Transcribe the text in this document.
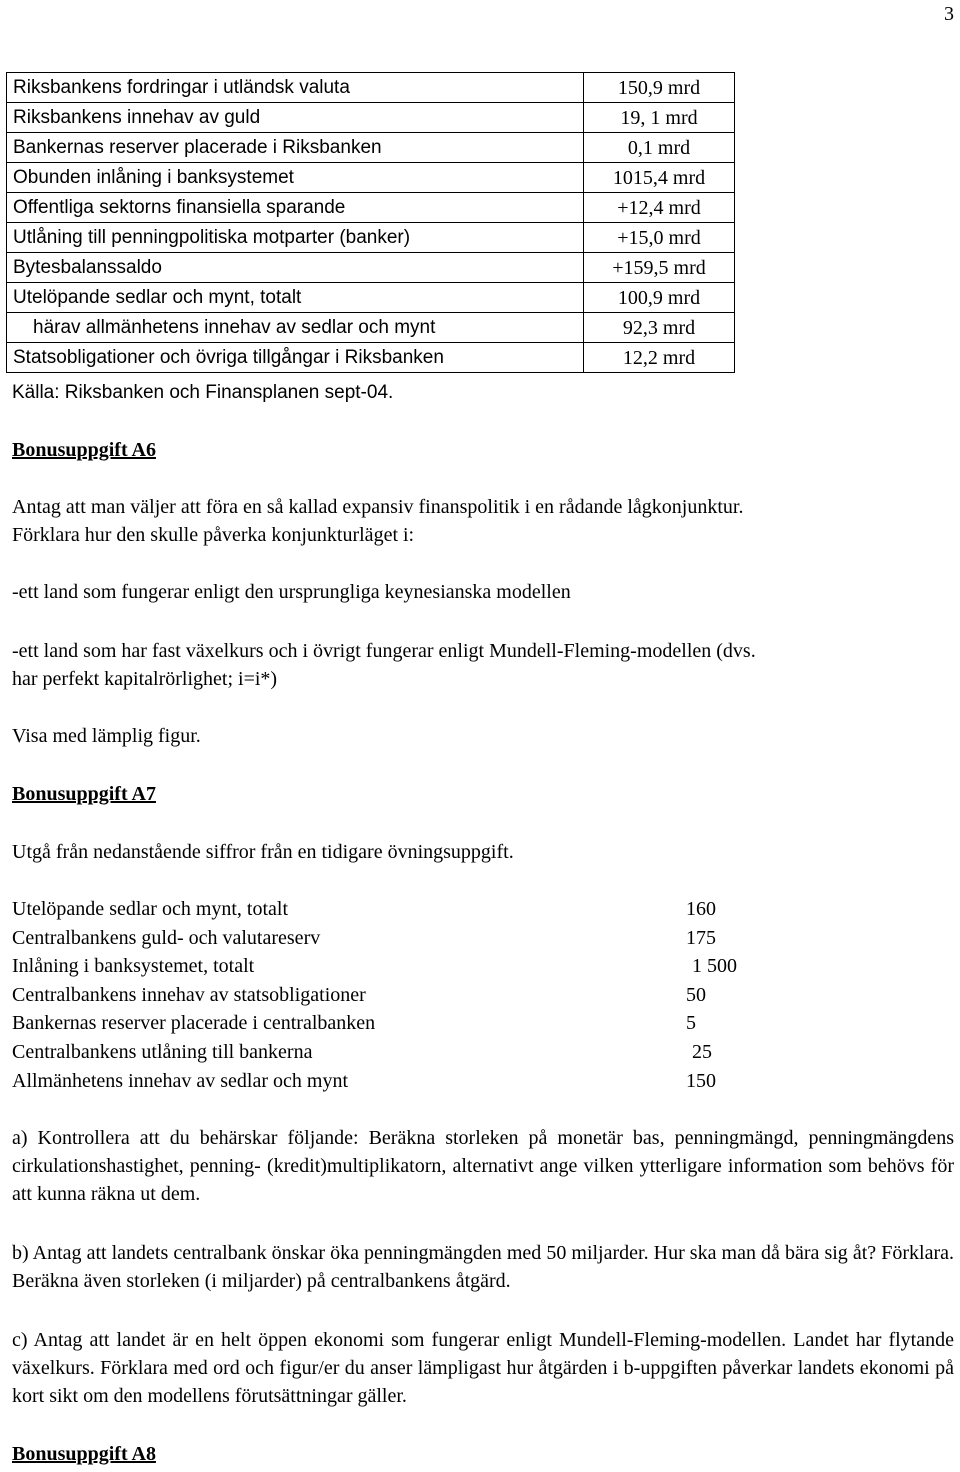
3
Riksbankens fordringar i utländsk valuta	150,9 mrd
Riksbankens innehav av guld	19, 1 mrd
Bankernas reserver placerade i Riksbanken	0,1 mrd
Obunden inlåning i banksystemet	1015,4 mrd
Offentliga sektorns finansiella sparande	+12,4 mrd
Utlåning till penningpolitiska motparter (banker)	+15,0 mrd
Bytesbalanssaldo	+159,5 mrd
Utelöpande sedlar och mynt, totalt	100,9 mrd
härav allmänhetens innehav av sedlar och mynt	92,3 mrd
Statsobligationer och övriga tillgångar i Riksbanken	12,2 mrd
Källa: Riksbanken och Finansplanen sept-04.
Bonusuppgift A6

Antag att man väljer att föra en så kallad expansiv finanspolitik i en rådande lågkonjunktur.
Förklara hur den skulle påverka konjunkturläget i:

-ett land som fungerar enligt den ursprungliga keynesianska modellen

-ett land som har fast växelkurs och i övrigt fungerar enligt Mundell-Fleming-modellen (dvs.
har perfekt kapitalrörlighet; i=i*)

Visa med lämplig figur.

Bonusuppgift A7

Utgå från nedanstående siffror från en tidigare övningsuppgift.

Utelöpande sedlar och mynt, totalt	160
Centralbankens guld- och valutareserv	175
Inlåning i banksystemet, totalt	1 500
Centralbankens innehav av statsobligationer	50
Bankernas reserver placerade i centralbanken	5
Centralbankens utlåning till bankerna	25
Allmänhetens innehav av sedlar och mynt	150

a) Kontrollera att du behärskar följande: Beräkna storleken på monetär bas, penningmängd, penningmängdens cirkulationshastighet, penning- (kredit)multiplikatorn, alternativt ange vilken ytterligare information som behövs för att kunna räkna ut dem.

b) Antag att landets centralbank önskar öka penningmängden med 50 miljarder. Hur ska man då bära sig åt? Förklara. Beräkna även storleken (i miljarder) på centralbankens åtgärd.

c) Antag att landet är en helt öppen ekonomi som fungerar enligt Mundell-Fleming-modellen. Landet har flytande växelkurs. Förklara med ord och figur/er du anser lämpligast hur åtgärden i b-uppgiften påverkar landets ekonomi på kort sikt om den modellens förutsättningar gäller.

Bonusuppgift A8
